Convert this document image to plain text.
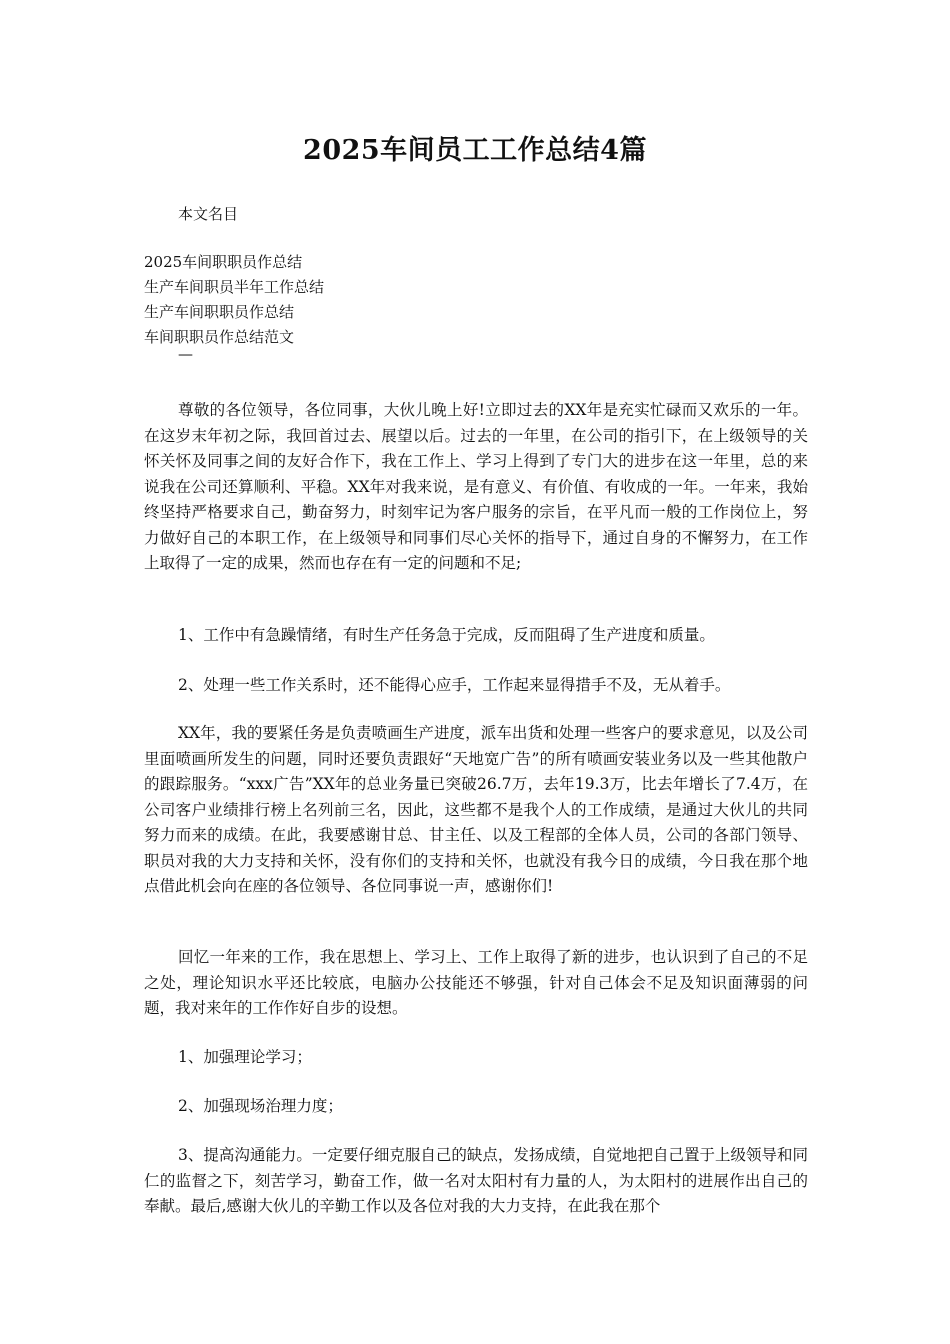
2025车间员工工作总结4篇

本文名目

2025车间职职员作总结
生产车间职员半年工作总结
生产车间职职员作总结
车间职职员作总结范文
—

尊敬的各位领导，各位同事，大伙儿晚上好!立即过去的XX年是充实忙碌而又欢乐的一年。在这岁末年初之际，我回首过去、展望以后。过去的一年里，在公司的指引下，在上级领导的关怀关怀及同事之间的友好合作下，我在工作上、学习上得到了专门大的进步在这一年里，总的来说我在公司还算顺利、平稳。XX年对我来说，是有意义、有价值、有收成的一年。一年来，我始终坚持严格要求自己，勤奋努力，时刻牢记为客户服务的宗旨，在平凡而一般的工作岗位上，努力做好自己的本职工作，在上级领导和同事们尽心关怀的指导下，通过自身的不懈努力，在工作上取得了一定的成果，然而也存在有一定的问题和不足;

1、工作中有急躁情绪，有时生产任务急于完成，反而阻碍了生产进度和质量。

2、处理一些工作关系时，还不能得心应手，工作起来显得措手不及，无从着手。

XX年，我的要紧任务是负责喷画生产进度，派车出货和处理一些客户的要求意见，以及公司里面喷画所发生的问题，同时还要负责跟好“天地宽广告”的所有喷画安装业务以及一些其他散户的跟踪服务。“xxx广告”XX年的总业务量已突破26.7万，去年19.3万，比去年增长了7.4万，在公司客户业绩排行榜上名列前三名，因此，这些都不是我个人的工作成绩，是通过大伙儿的共同努力而来的成绩。在此，我要感谢甘总、甘主任、以及工程部的全体人员，公司的各部门领导、职员对我的大力支持和关怀，没有你们的支持和关怀，也就没有我今日的成绩，今日我在那个地点借此机会向在座的各位领导、各位同事说一声，感谢你们!

回忆一年来的工作，我在思想上、学习上、工作上取得了新的进步，也认识到了自己的不足之处，理论知识水平还比较底，电脑办公技能还不够强，针对自己体会不足及知识面薄弱的问题，我对来年的工作作好自步的设想。

1、加强理论学习；

2、加强现场治理力度；

3、提高沟通能力。一定要仔细克服自己的缺点，发扬成绩，自觉地把自己置于上级领导和同仁的监督之下，刻苦学习，勤奋工作，做一名对太阳村有力量的人，为太阳村的进展作出自己的奉献。最后,感谢大伙儿的辛勤工作以及各位对我的大力支持，在此我在那个
